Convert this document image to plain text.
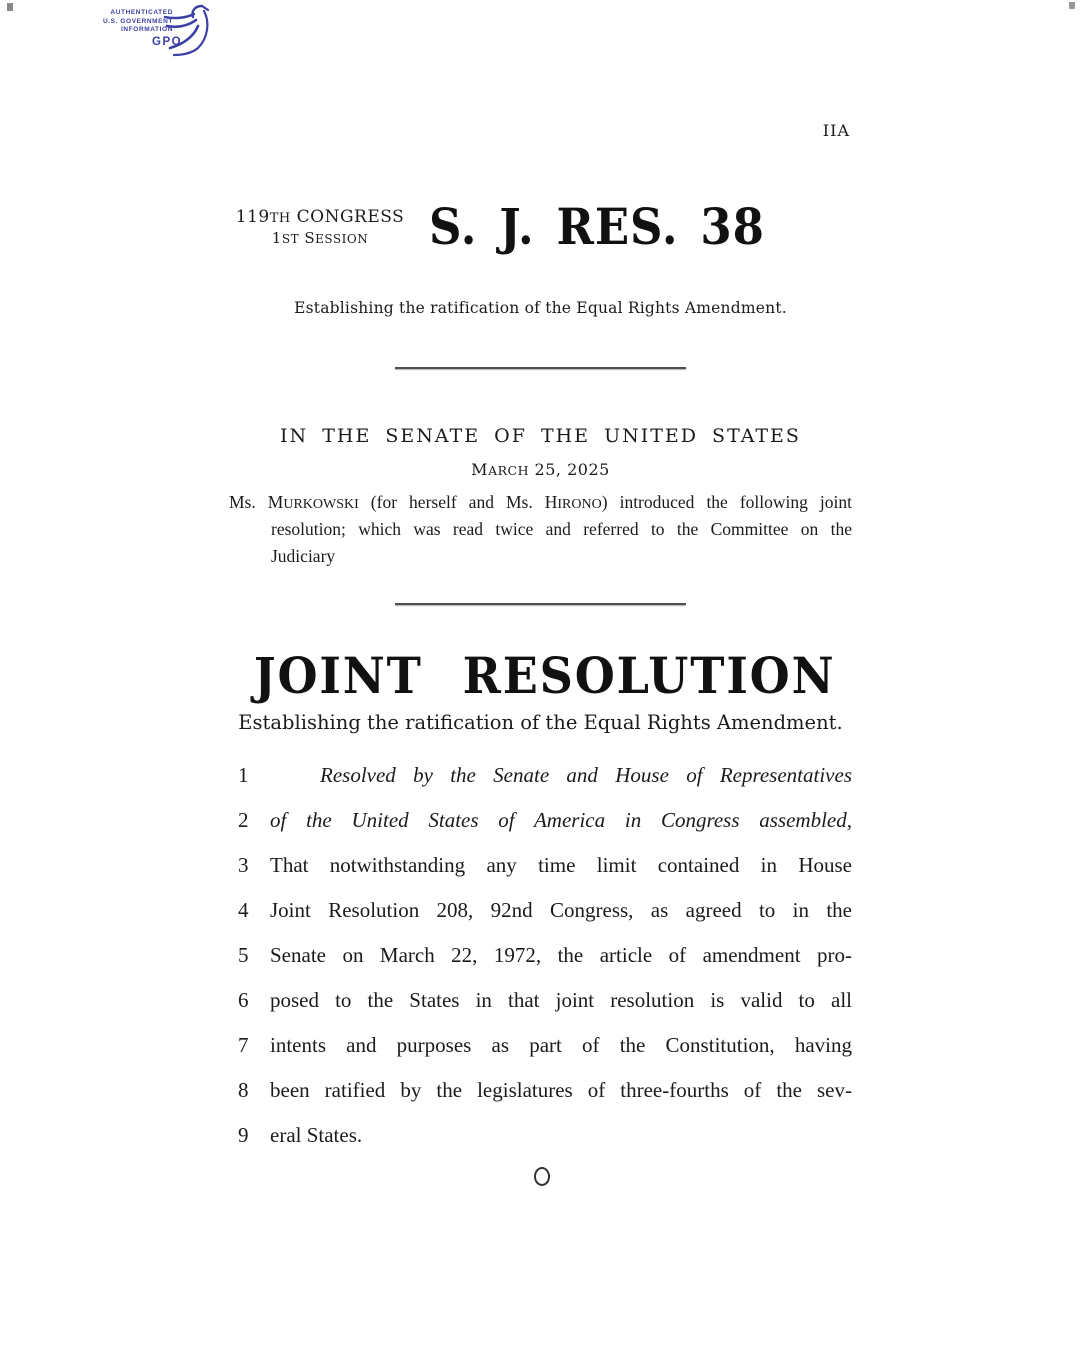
AUTHENTICATED
U.S. GOVERNMENT
INFORMATION
GPO
IIA
119TH CONGRESS
1ST SESSION	S. J. RES. 38
Establishing the ratification of the Equal Rights Amendment.
IN THE SENATE OF THE UNITED STATES
MARCH 25, 2025
Ms. MURKOWSKI (for herself and Ms. HIRONO) introduced the following joint
resolution; which was read twice and referred to the Committee on the
Judiciary
JOINT RESOLUTION
Establishing the ratification of the Equal Rights Amendment.
1	Resolved by the Senate and House of Representatives
2 of the United States of America in Congress assembled,
3 That notwithstanding any time limit contained in House
4 Joint Resolution 208, 92nd Congress, as agreed to in the
5 Senate on March 22, 1972, the article of amendment pro-
6 posed to the States in that joint resolution is valid to all
7 intents and purposes as part of the Constitution, having
8 been ratified by the legislatures of three-fourths of the sev-
9 eral States.
